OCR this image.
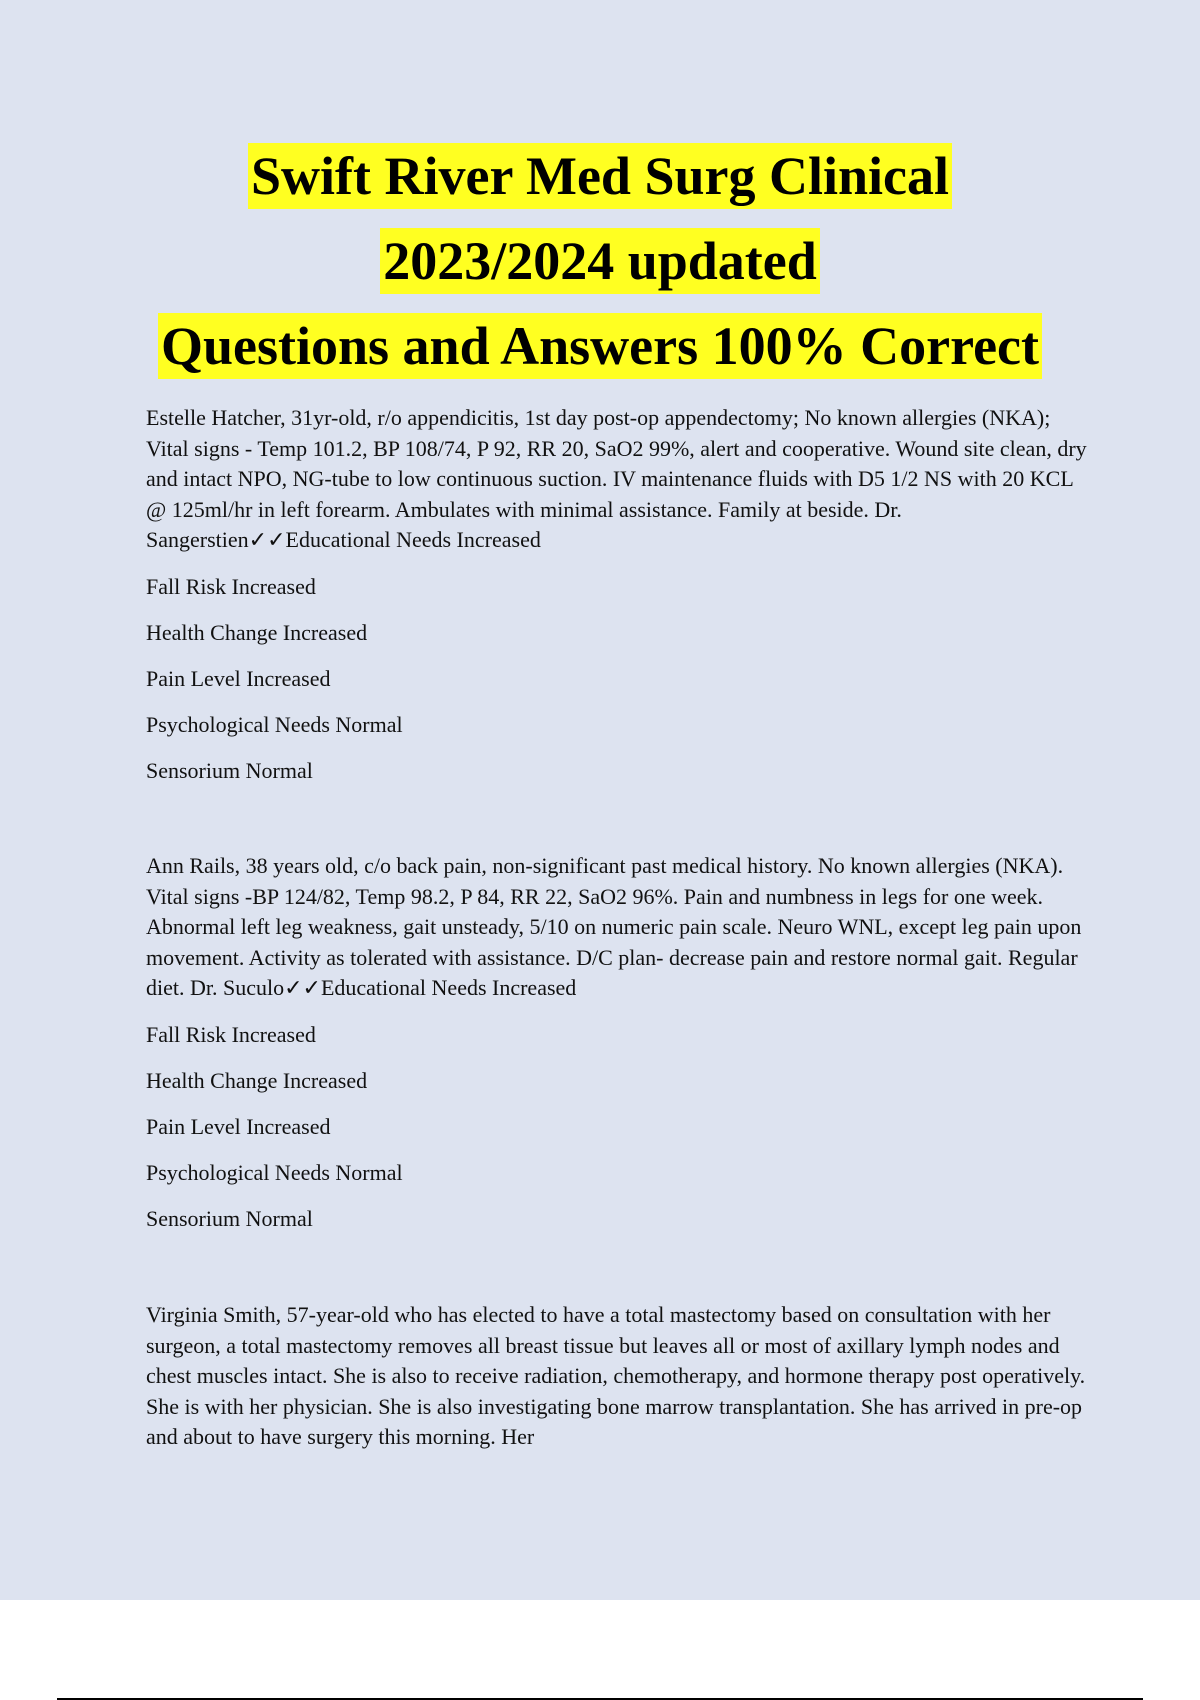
Swift River Med Surg Clinical
2023/2024 updated
Questions and Answers 100% Correct

Estelle Hatcher, 31yr-old, r/o appendicitis, 1st day post-op appendectomy; No known allergies (NKA); Vital signs - Temp 101.2, BP 108/74, P 92, RR 20, SaO2 99%, alert and cooperative. Wound site clean, dry and intact NPO, NG-tube to low continuous suction. IV maintenance fluids with D5 1/2 NS with 20 KCL @ 125ml/hr in left forearm. Ambulates with minimal assistance. Family at beside. Dr. Sangerstien✓✓Educational Needs Increased

Fall Risk Increased

Health Change Increased

Pain Level Increased

Psychological Needs Normal

Sensorium Normal

Ann Rails, 38 years old, c/o back pain, non-significant past medical history. No known allergies (NKA). Vital signs -BP 124/82, Temp 98.2, P 84, RR 22, SaO2 96%. Pain and numbness in legs for one week. Abnormal left leg weakness, gait unsteady, 5/10 on numeric pain scale. Neuro WNL, except leg pain upon movement. Activity as tolerated with assistance. D/C plan- decrease pain and restore normal gait. Regular diet. Dr. Suculo✓✓Educational Needs Increased

Fall Risk Increased

Health Change Increased

Pain Level Increased

Psychological Needs Normal

Sensorium Normal

Virginia Smith, 57-year-old who has elected to have a total mastectomy based on consultation with her surgeon, a total mastectomy removes all breast tissue but leaves all or most of axillary lymph nodes and chest muscles intact. She is also to receive radiation, chemotherapy, and hormone therapy post operatively. She is with her physician. She is also investigating bone marrow transplantation. She has arrived in pre-op and about to have surgery this morning. Her
